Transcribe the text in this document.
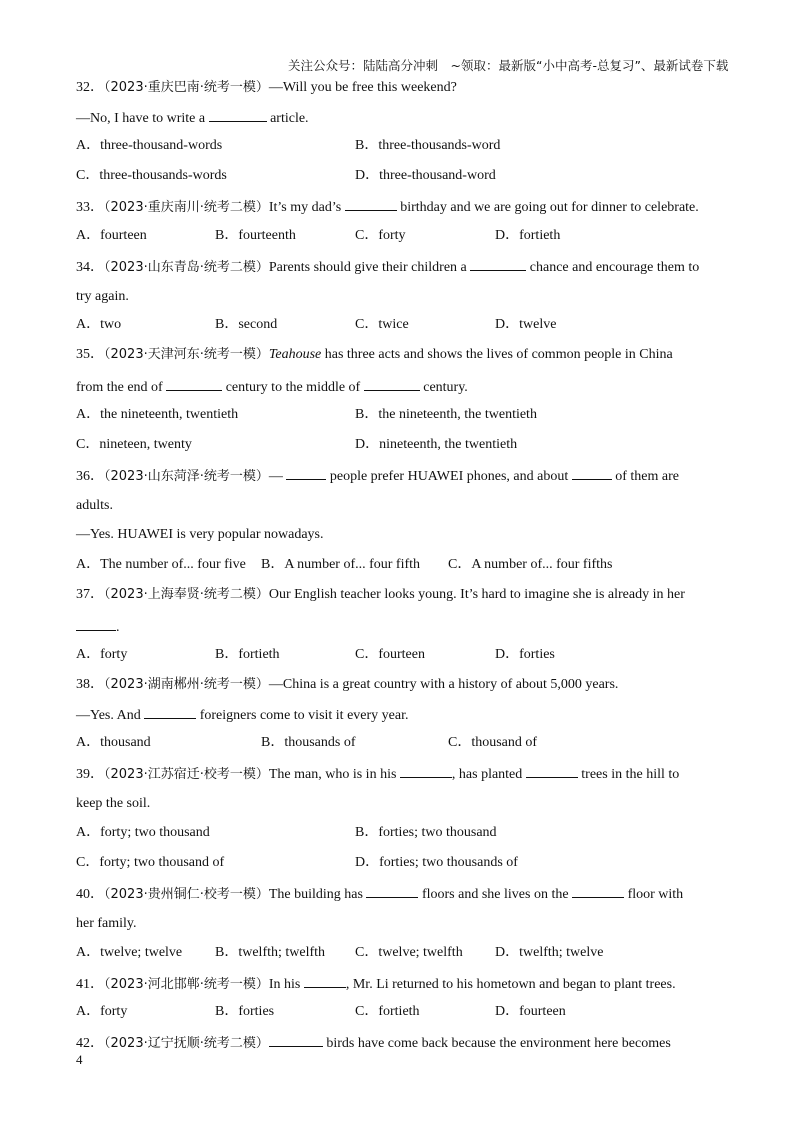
关注公众号：陆陆高分冲刺　~领取：最新版“小中高考-总复习”、最新试卷下载
32．（2023·重庆巴南·统考一模）—Will you be free this weekend?
—No, I have to write a	article.
A．three-thousand-words	B．three-thousands-word
C．three-thousands-words	D．three-thousand-word
33．（2023·重庆南川·统考二模）It’s my dad’s	birthday and we are going out for dinner to celebrate.
A．fourteen	B．fourteenth	C．forty	D．fortieth
34．（2023·山东青岛·统考二模）Parents should give their children a	chance and encourage them to
try again.
A．two	B．second	C．twice	D．twelve
35．（2023·天津河东·统考一模）Teahouse has three acts and shows the lives of common people in China
from the end of	century to the middle of	century.
A．the nineteenth, twentieth	B．the nineteenth, the twentieth
C．nineteen, twenty	D．nineteenth, the twentieth
36．（2023·山东菏泽·统考一模）—	people prefer HUAWEI phones, and about	of them are
adults.
—Yes. HUAWEI is very popular nowadays.
A．The number of... four five B．A number of... four fifth C．A number of... four fifths
37．（2023·上海奉贤·统考二模）Our English teacher looks young. It’s hard to imagine she is already in her
.
A．forty	B．fortieth	C．fourteen	D．forties
38．（2023·湖南郴州·统考一模）—China is a great country with a history of about 5,000 years.
—Yes. And	foreigners come to visit it every year.
A．thousand	B．thousands of	C．thousand of
39．（2023·江苏宿迁·校考一模）The man, who is in his	, has planted	trees in the hill to
keep the soil.
A．forty; two thousand	B．forties; two thousand
C．forty; two thousand of	D．forties; two thousands of
40．（2023·贵州铜仁·校考一模）The building has	floors and she lives on the	floor with
her family.
A．twelve; twelve B．twelfth; twelfth C．twelve; twelfth D．twelfth; twelve
41．（2023·河北邯郸·统考一模）In his	, Mr. Li returned to his hometown and began to plant trees.
A．forty	B．forties	C．fortieth	D．fourteen
42．（2023·辽宁抚顺·统考二模）	birds have come back because the environment here becomes
4
